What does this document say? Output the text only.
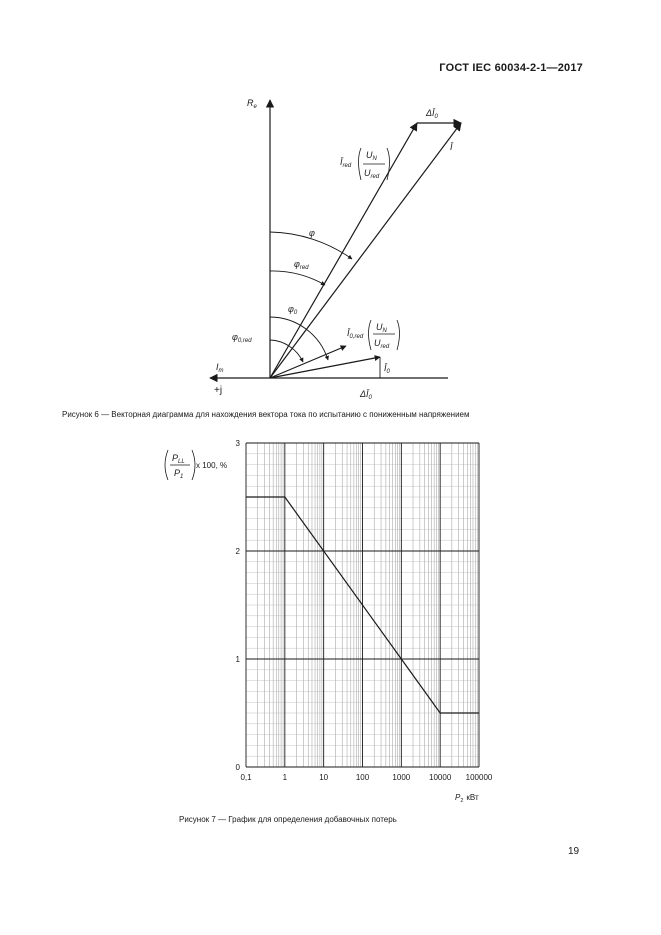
ГОСТ IEC 60034-2-1—2017
$R_e$
$I_m$
+j
$\Delta Ī_0$
Ī
$Ī_{red}$
$U_N$
$U_{red}$
φ
$\varphi_{red}$
$\varphi_0$
$\varphi_{0,red}$
$Ī_{0,red}$
$U_N$
$U_{red}$
$Ī_0$
$\Delta Ī_0$
Рисунок 6 — Векторная диаграмма для нахождения вектора тока по испытанию с пониженным напряжением
0,1	1	10	100	1000 10000 100000
0
1
2
3
$P_{LL}$
$P_1$
x 100, %
$P_2$ кВт
Рисунок 7 — График для определения добавочных потерь
19
